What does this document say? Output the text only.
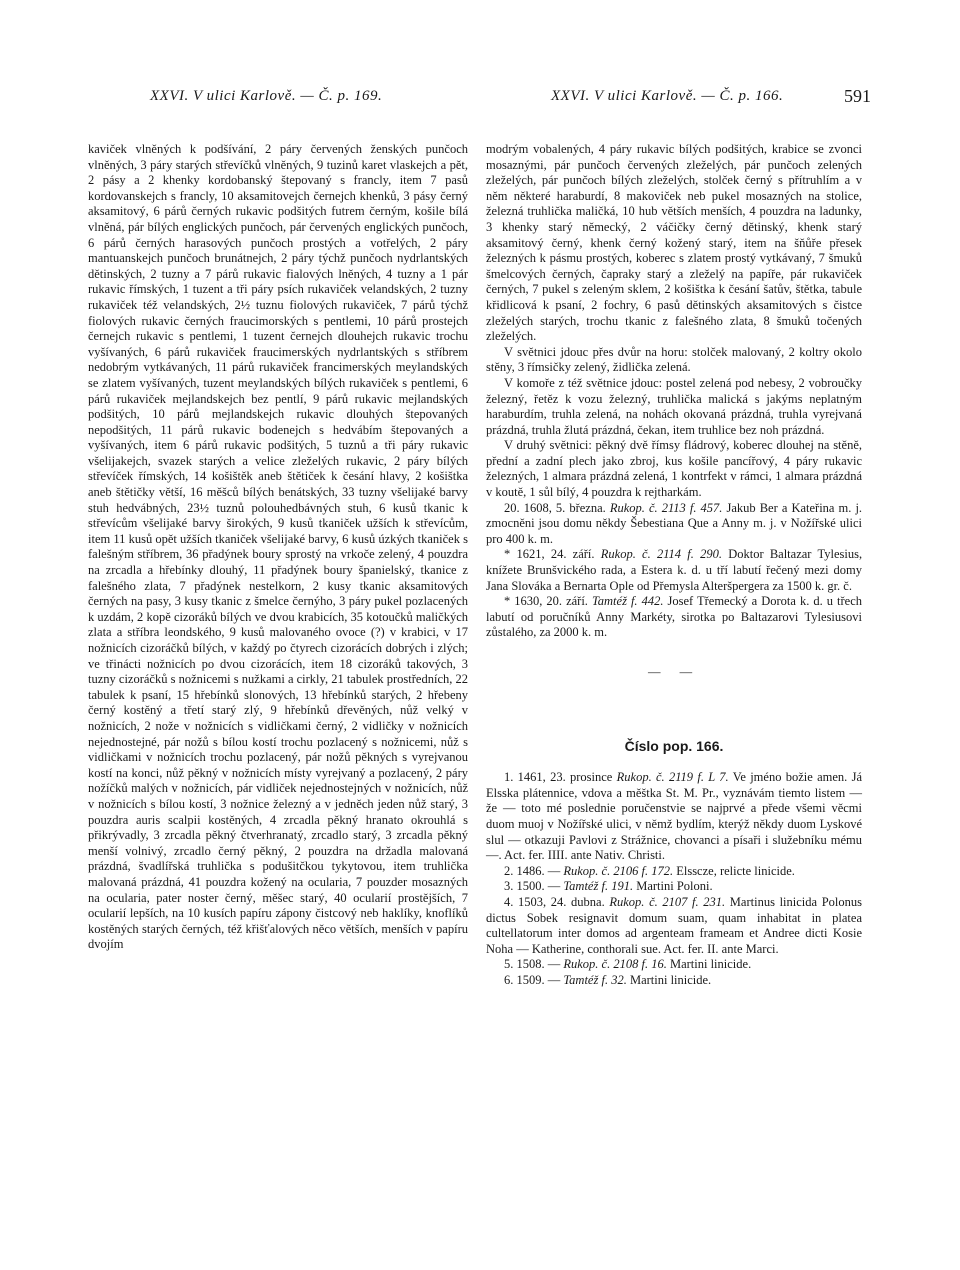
XXVI. V ulici Karlově. — Č. p. 169.	XXVI. V ulici Karlově. — Č. p. 166.	591

kaviček vlněných k podšívání, 2 páry červených ženských punčoch vlněných, 3 páry starých střevíčků vlněných, 9 tuzinů karet vlaskejch a pět, 2 pásy a 2 khenky kordobanský štepovaný s francly, item 7 pasů kordovanskejch s francly, 10 aksamitovejch černejch khenků, 3 pásy černý aksamitový, 6 párů černých rukavic podšitých futrem černým, košile bílá vlněná, pár bílých englických punčoch, pár červených englických punčoch, 6 párů černých harasových punčoch prostých a votřelých, 2 páry mantuanskejch punčoch brunátnejch, 2 páry týchž punčoch nydrlantských dětinských, 2 tuzny a 7 párů rukavic fialových lněných, 4 tuzny a 1 pár rukavic římských, 1 tuzent a tři páry psích rukaviček velandských, 2 tuzny rukaviček též velandských, 2½ tuznu fiolových rukaviček, 7 párů týchž fiolových rukavic černých fraucimorských s pentlemi, 10 párů prostejch černejch rukavic s pentlemi, 1 tuzent černejch dlouhejch rukavic trochu vyšívaných, 6 párů rukaviček fraucimerských nydrlantských s stříbrem nedobrým vytkávaných, 11 párů rukaviček francimerských meylandských se zlatem vyšívaných, tuzent meylandských bílých rukaviček s pentlemi, 6 párů rukaviček mejlandskejch bez pentlí, 9 párů rukavic mejlandských podšitých, 10 párů mejlandskejch rukavic dlouhých štepovaných nepodšitých, 11 párů rukavic bodenejch s hedvábím štepovaných a vyšívaných, item 6 párů rukavic podšitých, 5 tuznů a tři páry rukavic všelijakejch, svazek starých a velice zleželých rukavic, 2 páry bílých střevíček římských, 14 košištěk aneb štětiček k česání hlavy, 2 košištka aneb štětičky větší, 16 měšců bílých benátských, 33 tuzny všelijaké barvy stuh hedvábných, 23½ tuznů polouhedbávných stuh, 6 kusů tkanic k střevícům všelijaké barvy širokých, 9 kusů tkaniček užších k střevícům, item 11 kusů opět užších tkaniček všelijaké barvy, 6 kusů úzkých tkaniček s falešným stříbrem, 36 přadýnek boury sprostý na vrkoče zelený, 4 pouzdra na zrcadla a hřebínky dlouhý, 11 přadýnek boury španielský, tkanice z falešného zlata, 7 přadýnek nestelkorn, 2 kusy tkanic aksamitových černých na pasy, 3 kusy tkanic z šmelce černýho, 3 páry pukel pozlacených k uzdám, 2 kopě cizoráků bílých ve dvou krabicích, 35 kotoučků maličkých zlata a stříbra leondského, 9 kusů malovaného ovoce (?) v krabici, v 17 nožnicích cizoráčků bílých, v každý po čtyrech cizorácích dobrých i zlých; ve třinácti nožnicích po dvou cizorácích, item 18 cizoráků takových, 3 tuzny cizoráčků s nožnicemi s nužkami a cirkly, 21 tabulek prostředních, 22 tabulek k psaní, 15 hřebínků slonových, 13 hřebínků starých, 2 hřebeny černý kostěný a třetí starý zlý, 9 hřebínků dřevěných, nůž velký v nožnicích, 2 nože v nožnicích s vidličkami černý, 2 vidličky v nožnicích nejednostejné, pár nožů s bílou kostí trochu pozlacený s nožnicemi, nůž s vidličkami v nožnicích trochu pozlacený, pár nožů pěkných s vyrejvanou kostí na konci, nůž pěkný v nožnicích místy vyrejvaný a pozlacený, 2 páry nožíčků malých v nožnicích, pár vidliček nejednostejných v nožnicích, nůž v nožnicích s bílou kostí, 3 nožnice železný a v jedněch jeden nůž starý, 3 pouzdra auris scalpii kostěných, 4 zrcadla pěkný hranato okrouhlá s přikrývadly, 3 zrcadla pěkný čtverhranatý, zrcadlo starý, 3 zrcadla pěkný menší volnivý, zrcadlo černý pěkný, 2 pouzdra na držadla malovaná prázdná, švadlířská truhlička s podušitčkou tykytovou, item truhlička malovaná prázdná, 41 pouzdra kožený na ocularia, 7 pouzder mosazných na ocularia, pater noster černý, měšec starý, 40 ocularií prostějších, 7 ocularií lepších, na 10 kusích papíru zápony čistcový neb haklíky, knoflíků kostěných starých černých, též křišťalových něco větších, menších v papíru dvojím

modrým vobalených, 4 páry rukavic bílých podšitých, krabice se zvonci mosaznými, pár punčoch červených zleželých, pár punčoch zelených zleželých, pár punčoch bílých zleželých, stolček černý s přítruhlím a v něm některé haraburdí, 8 makoviček neb pukel mosazných na stolice, železná truhlička maličká, 10 hub větších menších, 4 pouzdra na ladunky, 3 khenky starý německý, 2 váčičky černý dětinský, khenk starý aksamitový černý, khenk černý kožený starý, item na šňůře přesek železných k pásmu prostých, koberec s zlatem prostý vytkávaný, 7 šmuků šmelcových černých, čapraky starý a zleželý na papíře, pár rukaviček černých, 7 pukel s zeleným sklem, 2 košištka k česání šatův, štětka, tabule křidlicová k psaní, 2 fochry, 6 pasů dětinských aksamitových s čistce zleželých starých, trochu tkanic z falešného zlata, 8 šmuků točených zleželých.

V světnici jdouc přes dvůr na horu: stolček malovaný, 2 koltry okolo stěny, 3 římsičky zelený, židlička zelená.

V komoře z též světnice jdouc: postel zelená pod nebesy, 2 vobroučky železný, řetěz k vozu železný, truhlička malická s jakýms neplatným haraburdím, truhla zelená, na nohách okovaná prázdná, truhla vyrejvaná prázdná, truhla žlutá prázdná, čekan, item truhlice bez noh prázdná.

V druhý světnici: pěkný dvě římsy fládrový, koberec dlouhej na stěně, přední a zadní plech jako zbroj, kus košile pancířový, 4 páry rukavic železných, 1 almara prázdná zelená, 1 kontrfekt v rámci, 1 almara prázdná v koutě, 1 sůl bílý, 4 pouzdra k rejtharkám.

20. 1608, 5. března. Rukop. č. 2113 f. 457. Jakub Ber a Kateřina m. j. zmocněni jsou domu někdy Šebestiana Que a Anny m. j. v Nožířské ulici pro 400 k. m.

* 1621, 24. září. Rukop. č. 2114 f. 290. Doktor Baltazar Tylesius, knížete Brunšvického rada, a Estera k. d. u tří labutí řečený mezi domy Jana Slováka a Bernarta Ople od Přemysla Alteršpergera za 1500 k. gr. č.

* 1630, 20. září. Tamtéž f. 442. Josef Třemecký a Dorota k. d. u třech labutí od poručníků Anny Markéty, sirotka po Baltazarovi Tylesiusovi zůstalého, za 2000 k. m.

— —
Číslo pop. 166.

1. 1461, 23. prosince Rukop. č. 2119 f. L 7. Ve jméno božie amen. Já Elsska plátennice, vdova a měštka St. M. Pr., vyznávám tiemto listem — že — toto mé poslednie poručenstvie se najprvé a přede všemi věcmi duom muoj v Nožířské ulici, v němž bydlím, kterýž někdy duom Lyskové slul — otkazuji Pavlovi z Strážnice, chovanci a písaři i služebníku mému —. Act. fer. IIII. ante Nativ. Christi.

2. 1486. — Rukop. č. 2106 f. 172. Elsscze, relicte linicide.

3. 1500. — Tamtéž f. 191. Martini Poloni.

4. 1503, 24. dubna. Rukop. č. 2107 f. 231. Martinus linicida Polonus dictus Sobek resignavit domum suam, quam inhabitat in platea cultellatorum inter domos ad argenteam frameam et Andree dicti Kosie Noha — Katherine, conthorali sue. Act. fer. II. ante Marci.

5. 1508. — Rukop. č. 2108 f. 16. Martini linicide.

6. 1509. — Tamtéž f. 32. Martini linicide.
